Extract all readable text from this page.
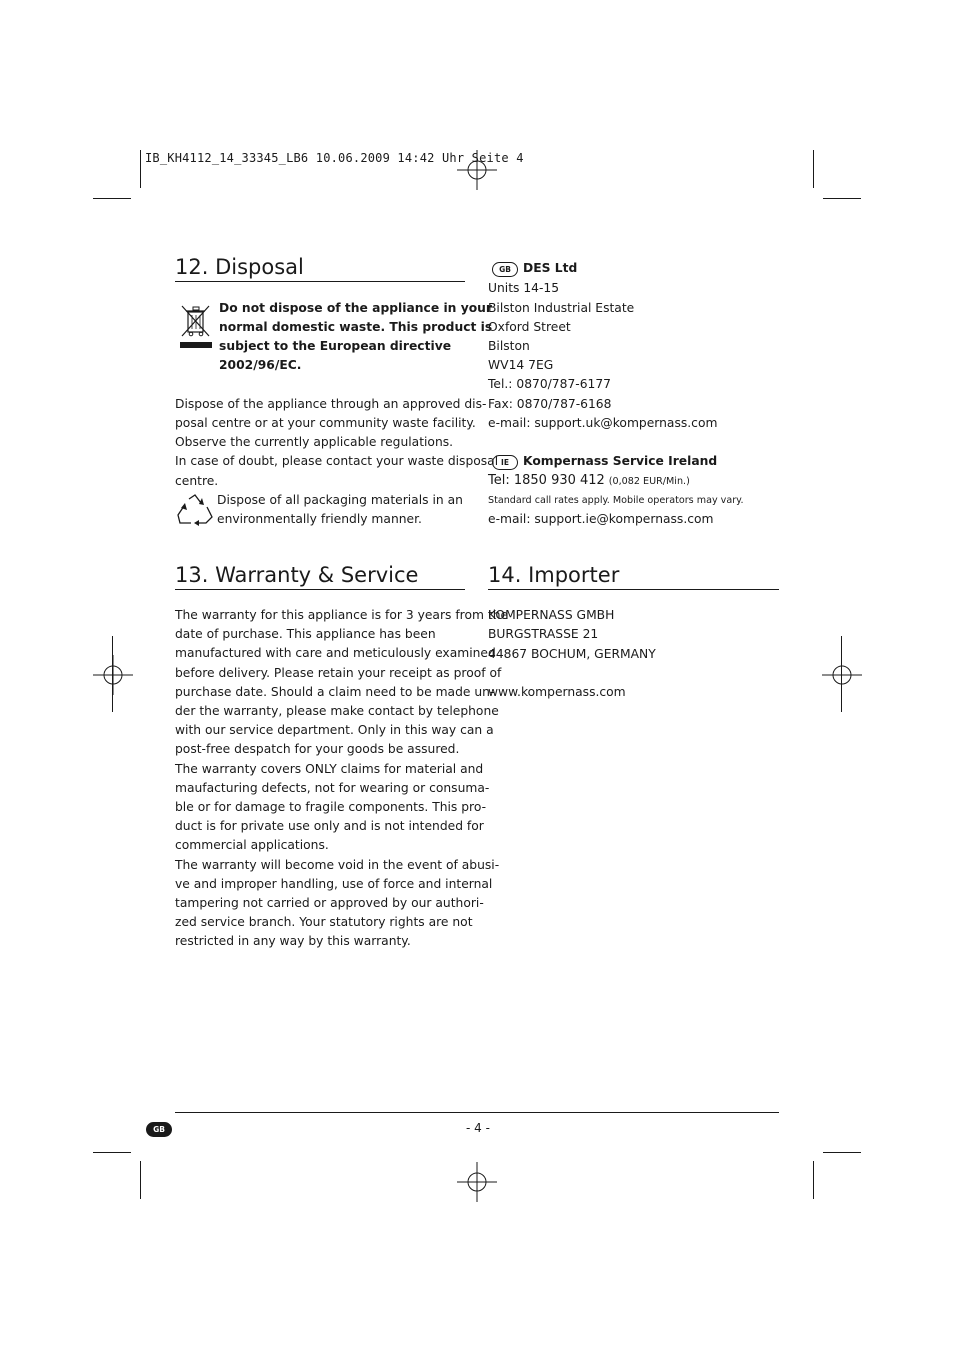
IB_KH4112_14_33345_LB6 10.06.2009 14:42 Uhr Seite 4
12. Disposal
Do not dispose of the appliance in your
normal domestic waste. This product is
subject to the European directive
2002/96/EC.
Dispose of the appliance through an approved dis-
posal centre or at your community waste facility.
Observe the currently applicable regulations.
In case of doubt, please contact your waste disposal
centre.
Dispose of all packaging materials in an
environmentally friendly manner.
GB DES Ltd
Units 14-15
Bilston Industrial Estate
Oxford Street
Bilston
WV14 7EG
Tel.: 0870/787-6177
Fax: 0870/787-6168
e-mail: support.uk@kompernass.com
IE	Kompernass Service Ireland
Tel: 1850 930 412 (0,082 EUR/Min.)
Standard call rates apply. Mobile operators may vary.
e-mail: support.ie@kompernass.com
13. Warranty & Service
The warranty for this appliance is for 3 years from the
date of purchase. This appliance has been
manufactured with care and meticulously examined
before delivery. Please retain your receipt as proof of
purchase date. Should a claim need to be made un-
der the warranty, please make contact by telephone
with our service department. Only in this way can a
post-free despatch for your goods be assured.
The warranty covers ONLY claims for material and
maufacturing defects, not for wearing or consuma-
ble or for damage to fragile components. This pro-
duct is for private use only and is not intended for
commercial applications.
The warranty will become void in the event of abusi-
ve and improper handling, use of force and internal
tampering not carried or approved by our authori-
zed service branch. Your statutory rights are not
restricted in any way by this warranty.
14. Importer
KOMPERNASS GMBH
BURGSTRASSE 21
44867 BOCHUM, GERMANY
www.kompernass.com
GB	- 4 -
